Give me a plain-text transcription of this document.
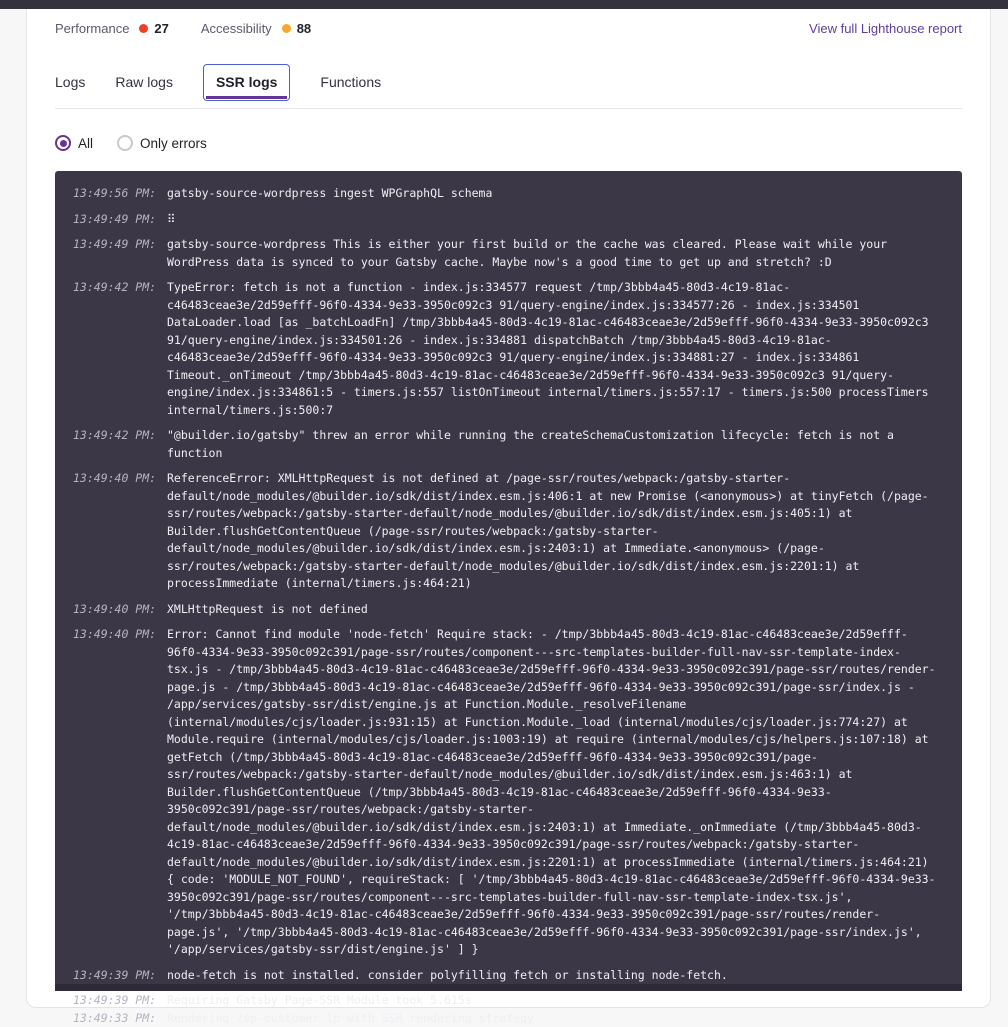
Performance 27 Accessibility 88	View full Lighthouse report
Logs Raw logs	SSR logs	Functions
All	Only errors
13:49:56 PM: gatsby-source-wordpress ingest WPGraphQL schema
13:49:49 PM: ⠿
13:49:49 PM: gatsby-source-wordpress This is either your first build or the cache was cleared. Please wait while your WordPress data is synced to your Gatsby cache. Maybe now's a good time to get up and stretch? :D
13:49:42 PM: TypeError: fetch is not a function - index.js:334577 request /tmp/3bbb4a45-80d3-4c19-81ac-c46483ceae3e/2d59efff-96f0-4334-9e33-3950c092c3 91/query-engine/index.js:334577:26 - index.js:334501 DataLoader.load [as _batchLoadFn] /tmp/3bbb4a45-80d3-4c19-81ac-c46483ceae3e/2d59efff-96f0-4334-9e33-3950c092c3 91/query-engine/index.js:334501:26 - index.js:334881 dispatchBatch /tmp/3bbb4a45-80d3-4c19-81ac-c46483ceae3e/2d59efff-96f0-4334-9e33-3950c092c3 91/query-engine/index.js:334881:27 - index.js:334861 Timeout._onTimeout /tmp/3bbb4a45-80d3-4c19-81ac-c46483ceae3e/2d59efff-96f0-4334-9e33-3950c092c3 91/query-engine/index.js:334861:5 - timers.js:557 listOnTimeout internal/timers.js:557:17 - timers.js:500 processTimers internal/timers.js:500:7
13:49:42 PM: "@builder.io/gatsby" threw an error while running the createSchemaCustomization lifecycle: fetch is not a function
13:49:40 PM: ReferenceError: XMLHttpRequest is not defined at /page-ssr/routes/webpack:/gatsby-starter-default/node_modules/@builder.io/sdk/dist/index.esm.js:406:1 at new Promise (<anonymous>) at tinyFetch (/page-ssr/routes/webpack:/gatsby-starter-default/node_modules/@builder.io/sdk/dist/index.esm.js:405:1) at Builder.flushGetContentQueue (/page-ssr/routes/webpack:/gatsby-starter-default/node_modules/@builder.io/sdk/dist/index.esm.js:2403:1) at Immediate.<anonymous> (/page-ssr/routes/webpack:/gatsby-starter-default/node_modules/@builder.io/sdk/dist/index.esm.js:2201:1) at processImmediate (internal/timers.js:464:21)
13:49:40 PM: XMLHttpRequest is not defined
13:49:40 PM: Error: Cannot find module 'node-fetch' Require stack: - /tmp/3bbb4a45-80d3-4c19-81ac-c46483ceae3e/2d59efff-96f0-4334-9e33-3950c092c391/page-ssr/routes/component---src-templates-builder-full-nav-ssr-template-index-tsx.js - /tmp/3bbb4a45-80d3-4c19-81ac-c46483ceae3e/2d59efff-96f0-4334-9e33-3950c092c391/page-ssr/routes/render-page.js - /tmp/3bbb4a45-80d3-4c19-81ac-c46483ceae3e/2d59efff-96f0-4334-9e33-3950c092c391/page-ssr/index.js - /app/services/gatsby-ssr/dist/engine.js at Function.Module._resolveFilename (internal/modules/cjs/loader.js:931:15) at Function.Module._load (internal/modules/cjs/loader.js:774:27) at Module.require (internal/modules/cjs/loader.js:1003:19) at require (internal/modules/cjs/helpers.js:107:18) at getFetch (/tmp/3bbb4a45-80d3-4c19-81ac-c46483ceae3e/2d59efff-96f0-4334-9e33-3950c092c391/page-ssr/routes/webpack:/gatsby-starter-default/node_modules/@builder.io/sdk/dist/index.esm.js:463:1) at Builder.flushGetContentQueue (/tmp/3bbb4a45-80d3-4c19-81ac-c46483ceae3e/2d59efff-96f0-4334-9e33-3950c092c391/page-ssr/routes/webpack:/gatsby-starter-default/node_modules/@builder.io/sdk/dist/index.esm.js:2403:1) at Immediate._onImmediate (/tmp/3bbb4a45-80d3-4c19-81ac-c46483ceae3e/2d59efff-96f0-4334-9e33-3950c092c391/page-ssr/routes/webpack:/gatsby-starter-default/node_modules/@builder.io/sdk/dist/index.esm.js:2201:1) at processImmediate (internal/timers.js:464:21) { code: 'MODULE_NOT_FOUND', requireStack: [ '/tmp/3bbb4a45-80d3-4c19-81ac-c46483ceae3e/2d59efff-96f0-4334-9e33-3950c092c391/page-ssr/routes/component---src-templates-builder-full-nav-ssr-template-index-tsx.js', '/tmp/3bbb4a45-80d3-4c19-81ac-c46483ceae3e/2d59efff-96f0-4334-9e33-3950c092c391/page-ssr/routes/render-page.js', '/tmp/3bbb4a45-80d3-4c19-81ac-c46483ceae3e/2d59efff-96f0-4334-9e33-3950c092c391/page-ssr/index.js', '/app/services/gatsby-ssr/dist/engine.js' ] }
13:49:39 PM: node-fetch is not installed. consider polyfilling fetch or installing node-fetch.
13:49:39 PM: Requiring Gatsby Page-SSR Module took 5.615s
13:49:33 PM: Rendering /sp-customer-lp with SSR rendering strategy
